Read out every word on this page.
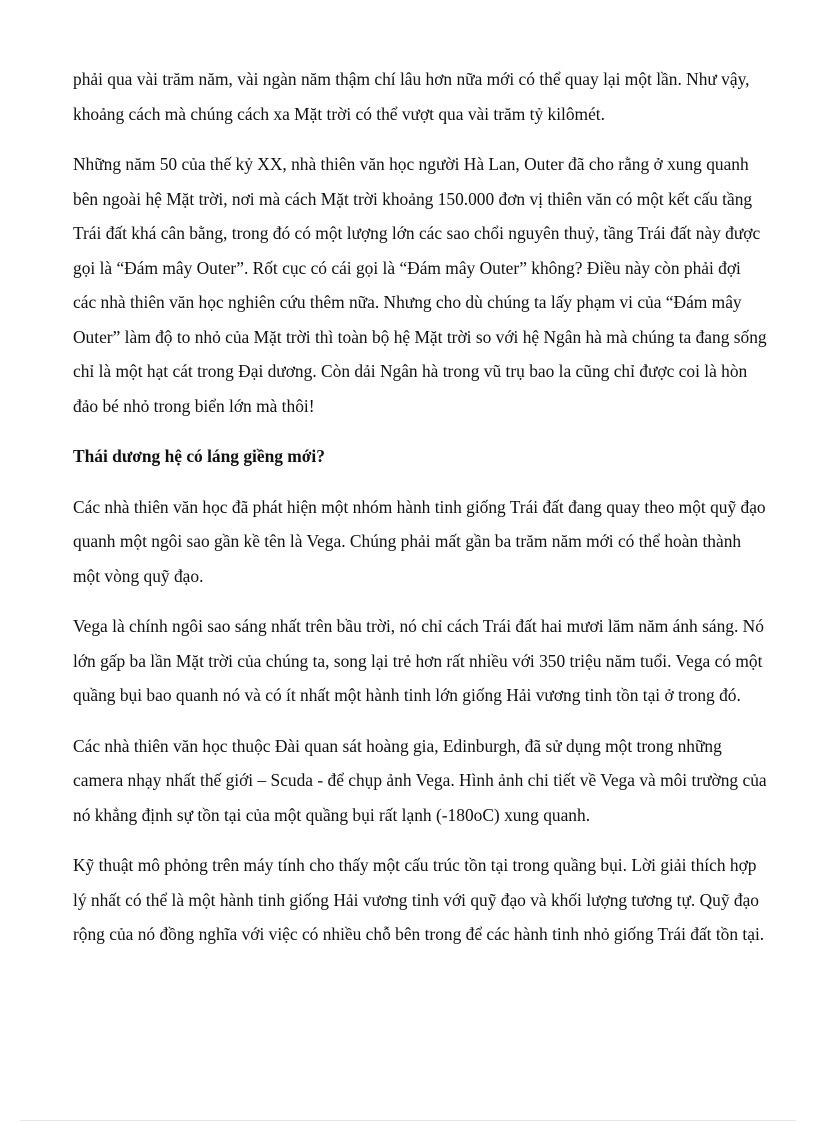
phải qua vài trăm năm, vài ngàn năm thậm chí lâu hơn nữa mới có thể quay lại một lần. Như vậy, khoảng cách mà chúng cách xa Mặt trời có thể vượt qua vài trăm tỷ kilômét.

Những năm 50 của thế kỷ XX, nhà thiên văn học người Hà Lan, Outer đã cho rằng ở xung quanh bên ngoài hệ Mặt trời, nơi mà cách Mặt trời khoảng 150.000 đơn vị thiên văn có một kết cấu tầng Trái đất khá cân bằng, trong đó có một lượng lớn các sao chổi nguyên thuỷ, tầng Trái đất này được gọi là “Đám mây Outer”. Rốt cục có cái gọi là “Đám mây Outer” không? Điều này còn phải đợi các nhà thiên văn học nghiên cứu thêm nữa. Nhưng cho dù chúng ta lấy phạm vi của “Đám mây Outer” làm độ to nhỏ của Mặt trời thì toàn bộ hệ Mặt trời so với hệ Ngân hà mà chúng ta đang sống chỉ là một hạt cát trong Đại dương. Còn dải Ngân hà trong vũ trụ bao la cũng chỉ được coi là hòn đảo bé nhỏ trong biển lớn mà thôi!

Thái dương hệ có láng giềng mới?

Các nhà thiên văn học đã phát hiện một nhóm hành tinh giống Trái đất đang quay theo một quỹ đạo quanh một ngôi sao gần kề tên là Vega. Chúng phải mất gần ba trăm năm mới có thể hoàn thành một vòng quỹ đạo.

Vega là chính ngôi sao sáng nhất trên bầu trời, nó chỉ cách Trái đất hai mươi lăm năm ánh sáng. Nó lớn gấp ba lần Mặt trời của chúng ta, song lại trẻ hơn rất nhiều với 350 triệu năm tuổi. Vega có một quầng bụi bao quanh nó và có ít nhất một hành tinh lớn giống Hải vương tinh tồn tại ở trong đó.

Các nhà thiên văn học thuộc Đài quan sát hoàng gia, Edinburgh, đã sử dụng một trong những camera nhạy nhất thế giới – Scuda - để chụp ảnh Vega. Hình ảnh chi tiết về Vega và môi trường của nó khẳng định sự tồn tại của một quầng bụi rất lạnh (-180oC) xung quanh.

Kỹ thuật mô phỏng trên máy tính cho thấy một cấu trúc tồn tại trong quầng bụi. Lời giải thích hợp lý nhất có thể là một hành tinh giống Hải vương tinh với quỹ đạo và khối lượng tương tự. Quỹ đạo rộng của nó đồng nghĩa với việc có nhiều chỗ bên trong để các hành tinh nhỏ giống Trái đất tồn tại.
